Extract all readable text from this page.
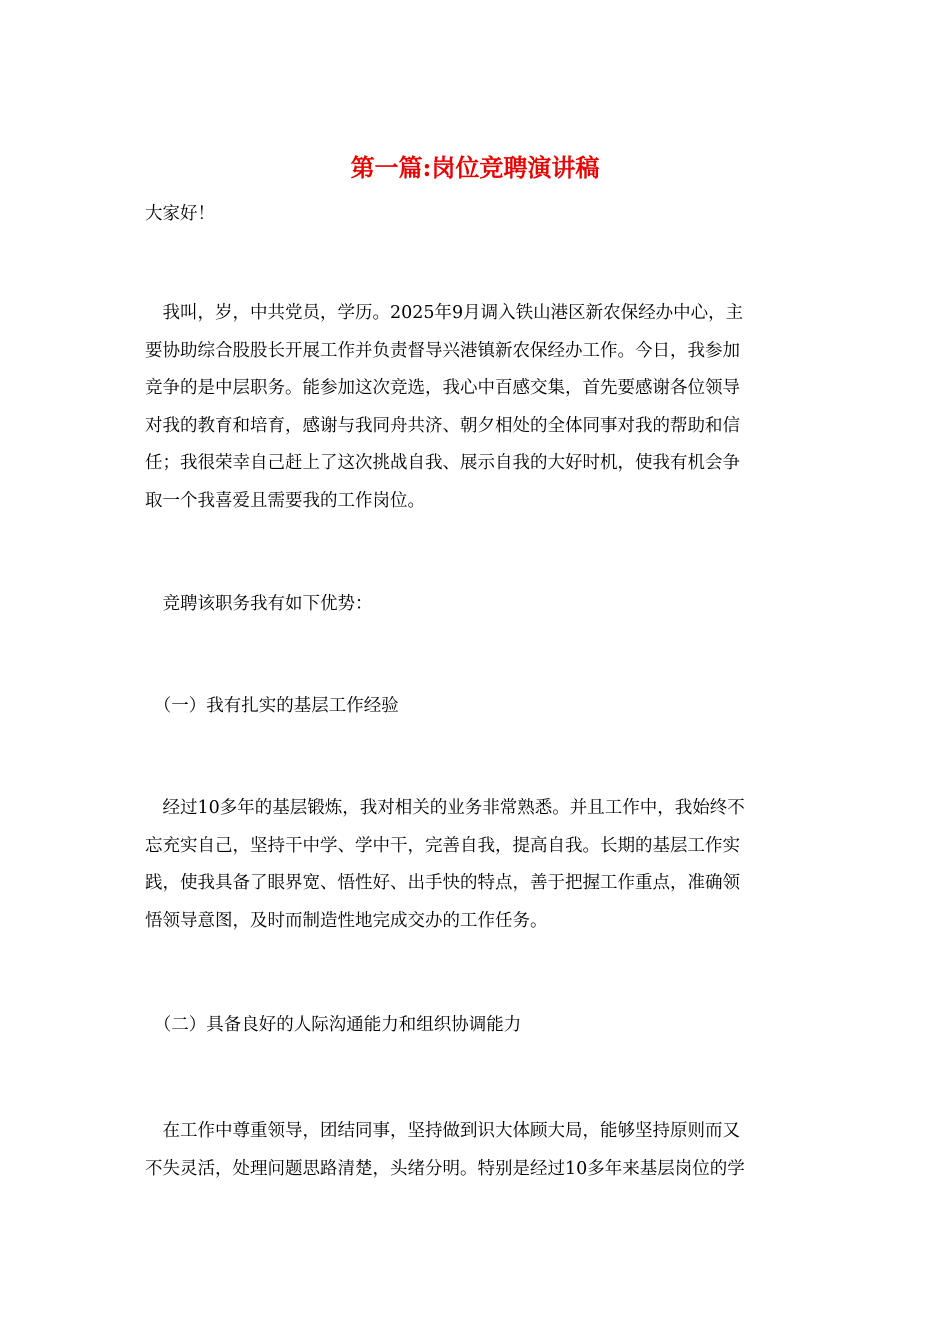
第一篇:岗位竞聘演讲稿

大家好！

　我叫，岁，中共党员，学历。2025年9月调入铁山港区新农保经办中心，主
要协助综合股股长开展工作并负责督导兴港镇新农保经办工作。今日，我参加
竞争的是中层职务。能参加这次竞选，我心中百感交集，首先要感谢各位领导
对我的教育和培育，感谢与我同舟共济、朝夕相处的全体同事对我的帮助和信
任；我很荣幸自己赶上了这次挑战自我、展示自我的大好时机，使我有机会争
取一个我喜爱且需要我的工作岗位。

　竞聘该职务我有如下优势：

　（一）我有扎实的基层工作经验

　经过10多年的基层锻炼，我对相关的业务非常熟悉。并且工作中，我始终不
忘充实自己，坚持干中学、学中干，完善自我，提高自我。长期的基层工作实
践，使我具备了眼界宽、悟性好、出手快的特点，善于把握工作重点，准确领
悟领导意图，及时而制造性地完成交办的工作任务。

　（二）具备良好的人际沟通能力和组织协调能力

　在工作中尊重领导，团结同事，坚持做到识大体顾大局，能够坚持原则而又
不失灵活，处理问题思路清楚，头绪分明。特别是经过10多年来基层岗位的学
